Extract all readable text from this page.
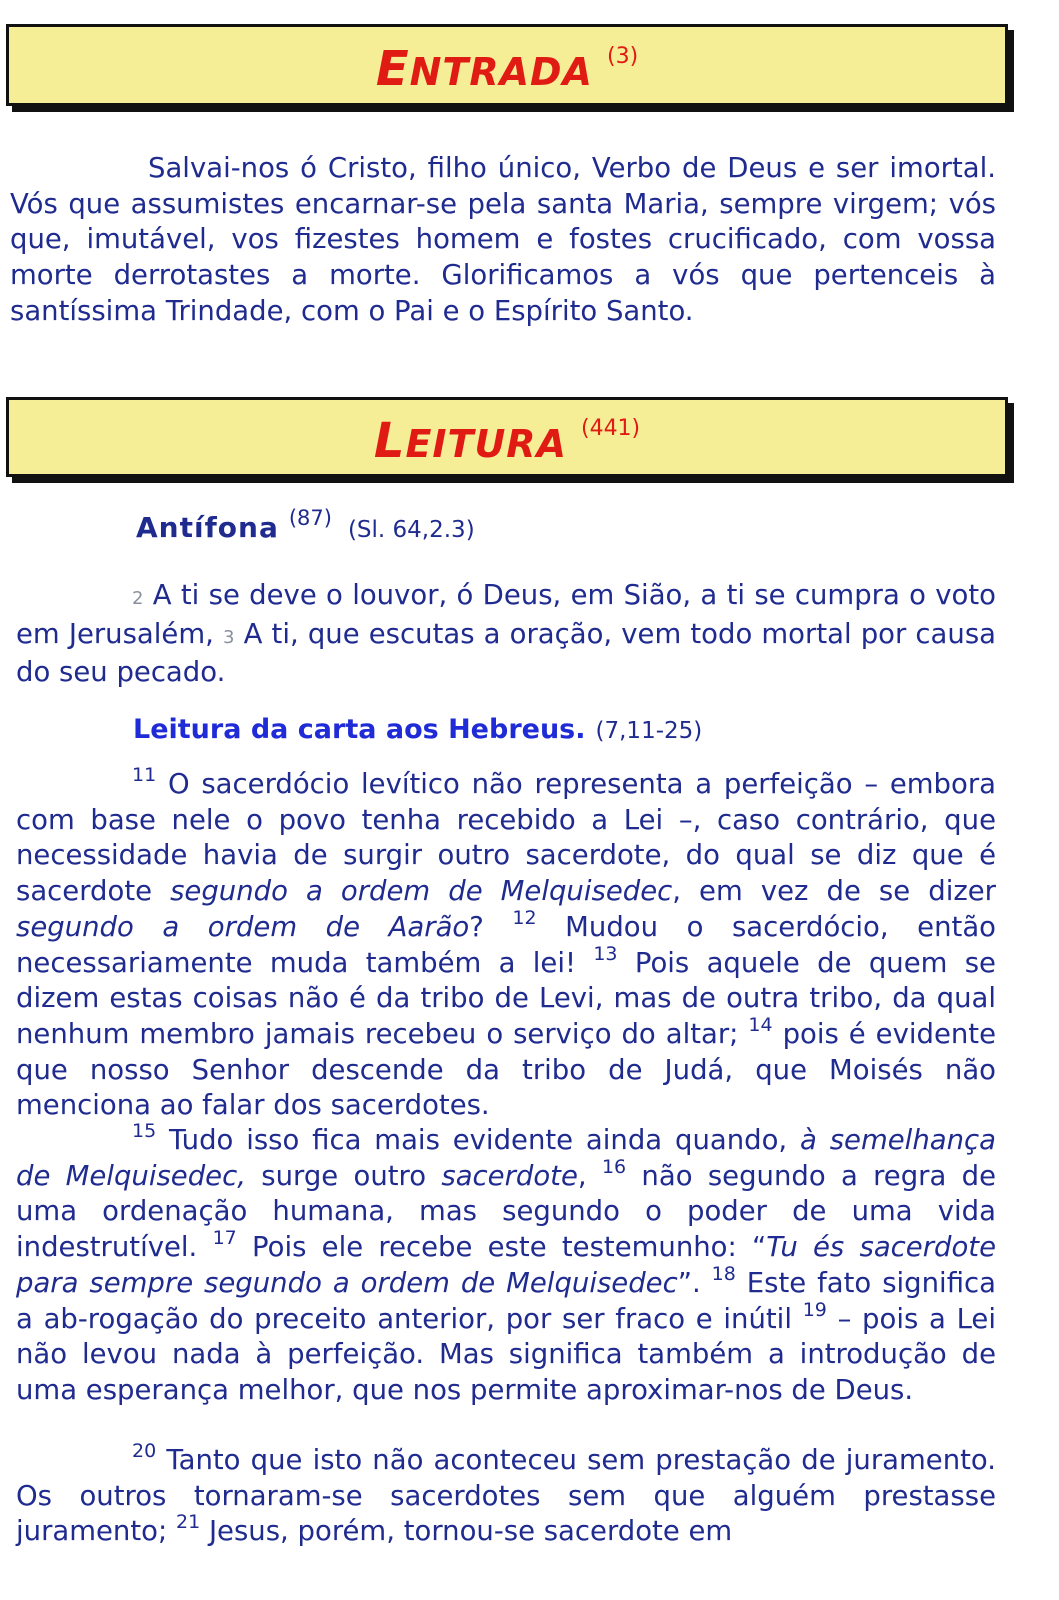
ENTRADA (3)

Salvai-nos ó Cristo, filho único, Verbo de Deus e ser imortal. Vós que assumistes encarnar-se pela santa Maria, sempre virgem; vós que, imutável, vos fizestes homem e fostes crucificado, com vossa morte derrotastes a morte. Glorificamos a vós que pertenceis à santíssima Trindade, com o Pai e o Espírito Santo.

LEITURA (441)
Antífona (87) (Sl. 64,2.3)

2 A ti se deve o louvor, ó Deus, em Sião, a ti se cumpra o voto em Jerusalém, 3 A ti, que escutas a oração, vem todo mortal por causa do seu pecado.

Leitura da carta aos Hebreus. (7,11-25)

$^{11}$ O sacerdócio levítico não representa a perfeição – embora com base nele o povo tenha recebido a Lei –, caso contrário, que necessidade havia de surgir outro sacerdote, do qual se diz que é sacerdote segundo a ordem de Melquisedec, em vez de se dizer segundo a ordem de Aarão? $^{12}$ Mudou o sacerdócio, então necessariamente muda também a lei! $^{13}$ Pois aquele de quem se dizem estas coisas não é da tribo de Levi, mas de outra tribo, da qual nenhum membro jamais recebeu o serviço do altar; $^{14}$ pois é evidente que nosso Senhor descende da tribo de Judá, que Moisés não menciona ao falar dos sacerdotes.

$^{15}$ Tudo isso fica mais evidente ainda quando, à semelhança de Melquisedec, surge outro sacerdote, $^{16}$ não segundo a regra de uma ordenação humana, mas segundo o poder de uma vida indestrutível. $^{17}$ Pois ele recebe este testemunho: “Tu és sacerdote para sempre segundo a ordem de Melquisedec”. $^{18}$ Este fato significa a ab-rogação do preceito anterior, por ser fraco e inútil $^{19}$ – pois a Lei não levou nada à perfeição. Mas significa também a introdução de uma esperança melhor, que nos permite aproximar-nos de Deus.

$^{20}$ Tanto que isto não aconteceu sem prestação de juramento. Os outros tornaram-se sacerdotes sem que alguém prestasse juramento; $^{21}$ Jesus, porém, tornou-se sacerdote em
